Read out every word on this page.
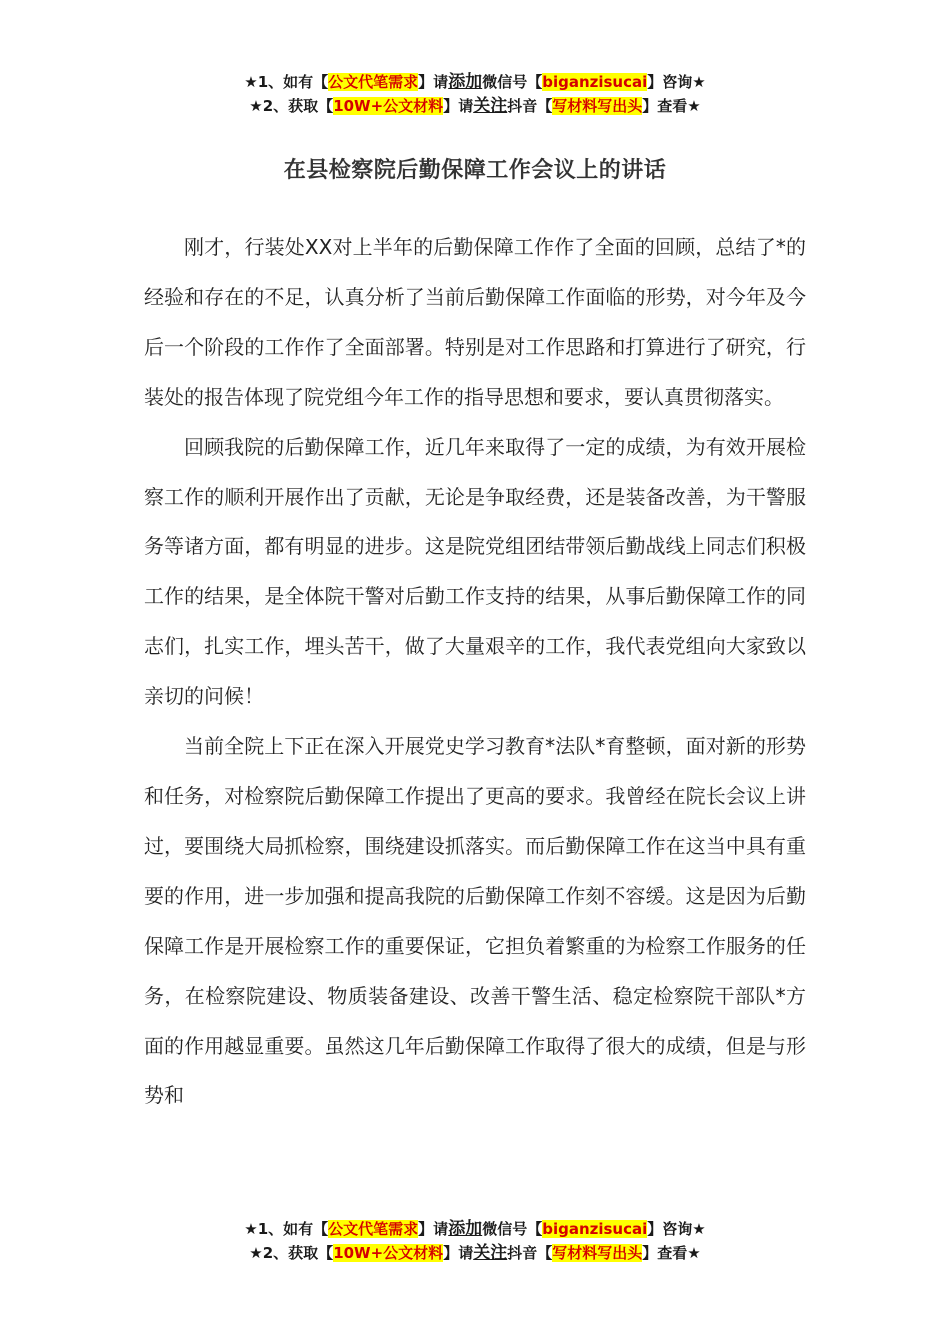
★1、如有【公文代笔需求】请添加微信号【biganzisucai】咨询★
★2、获取【10W+公文材料】请关注抖音【写材料写出头】查看★
在县检察院后勤保障工作会议上的讲话

刚才，行装处XX对上半年的后勤保障工作作了全面的回顾，总结了*的经验和存在的不足，认真分析了当前后勤保障工作面临的形势，对今年及今后一个阶段的工作作了全面部署。特别是对工作思路和打算进行了研究，行装处的报告体现了院党组今年工作的指导思想和要求，要认真贯彻落实。

回顾我院的后勤保障工作，近几年来取得了一定的成绩，为有效开展检察工作的顺利开展作出了贡献，无论是争取经费，还是装备改善，为干警服务等诸方面，都有明显的进步。这是院党组团结带领后勤战线上同志们积极工作的结果，是全体院干警对后勤工作支持的结果，从事后勤保障工作的同志们，扎实工作，埋头苦干，做了大量艰辛的工作，我代表党组向大家致以亲切的问候！

当前全院上下正在深入开展党史学习教育*法队*育整顿，面对新的形势和任务，对检察院后勤保障工作提出了更高的要求。我曾经在院长会议上讲过，要围绕大局抓检察，围绕建设抓落实。而后勤保障工作在这当中具有重要的作用，进一步加强和提高我院的后勤保障工作刻不容缓。这是因为后勤保障工作是开展检察工作的重要保证，它担负着繁重的为检察工作服务的任务，在检察院建设、物质装备建设、改善干警生活、稳定检察院干部队*方面的作用越显重要。虽然这几年后勤保障工作取得了很大的成绩，但是与形势和

★1、如有【公文代笔需求】请添加微信号【biganzisucai】咨询★
★2、获取【10W+公文材料】请关注抖音【写材料写出头】查看★
